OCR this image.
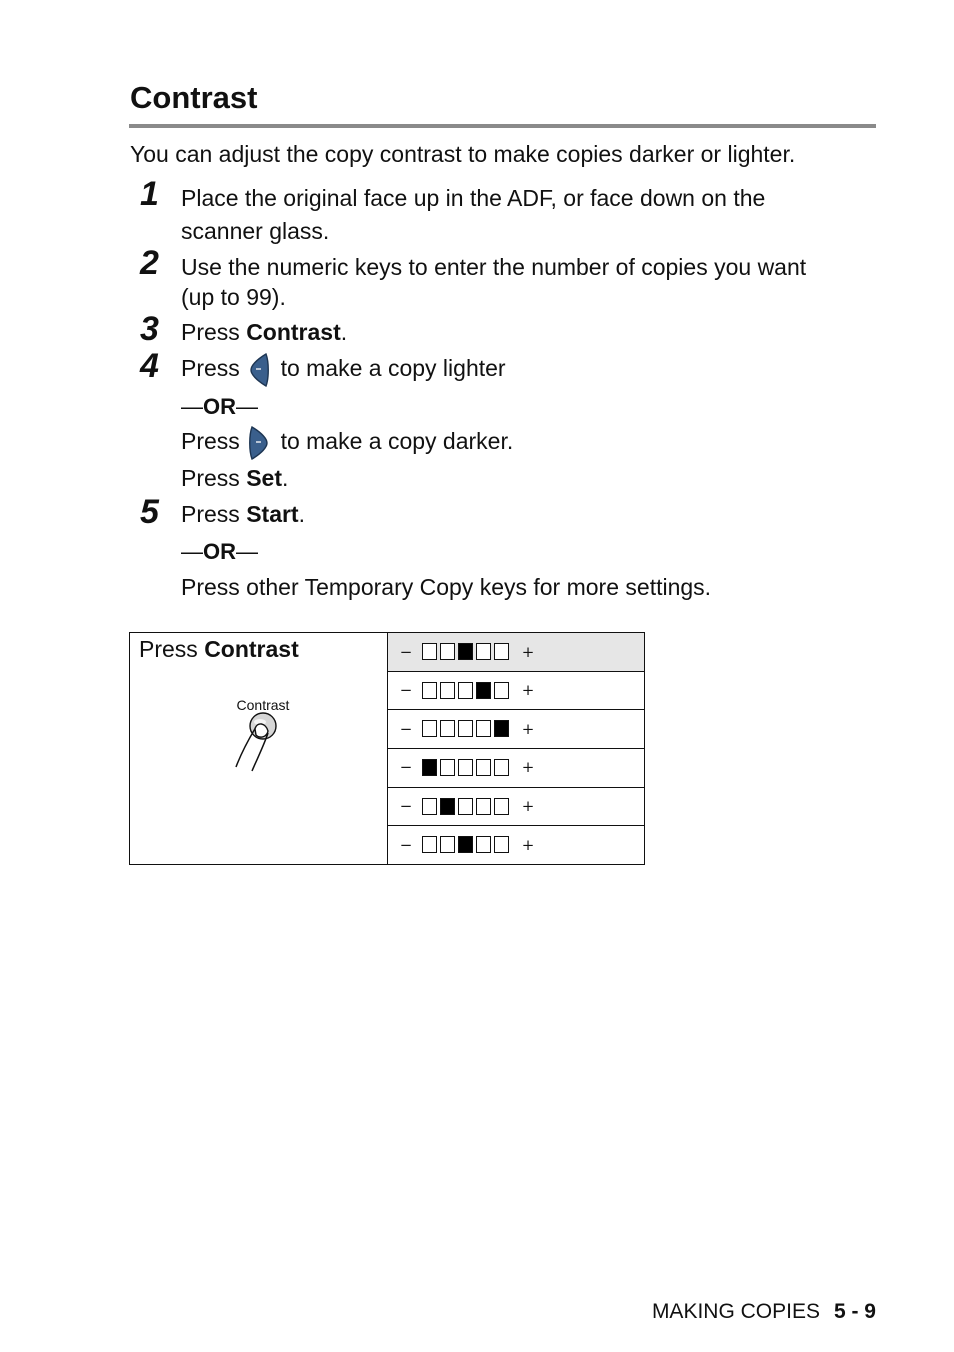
Contrast

You can adjust the copy contrast to make copies darker or lighter.

1 Place the original face up in the ADF, or face down on the

scanner glass.

2 Use the numeric keys to enter the number of copies you want

(up to 99).

3 Press Contrast.

4 Press to make a copy lighter

—OR—

Press to make a copy darker.

Press Set.

5 Press Start.

—OR—

Press other Temporary Copy keys for more settings.

Press Contrast
Contrast

−	+

−	+

−	+

−	+

−	+

−	+
MAKING COPIES 5 - 9
